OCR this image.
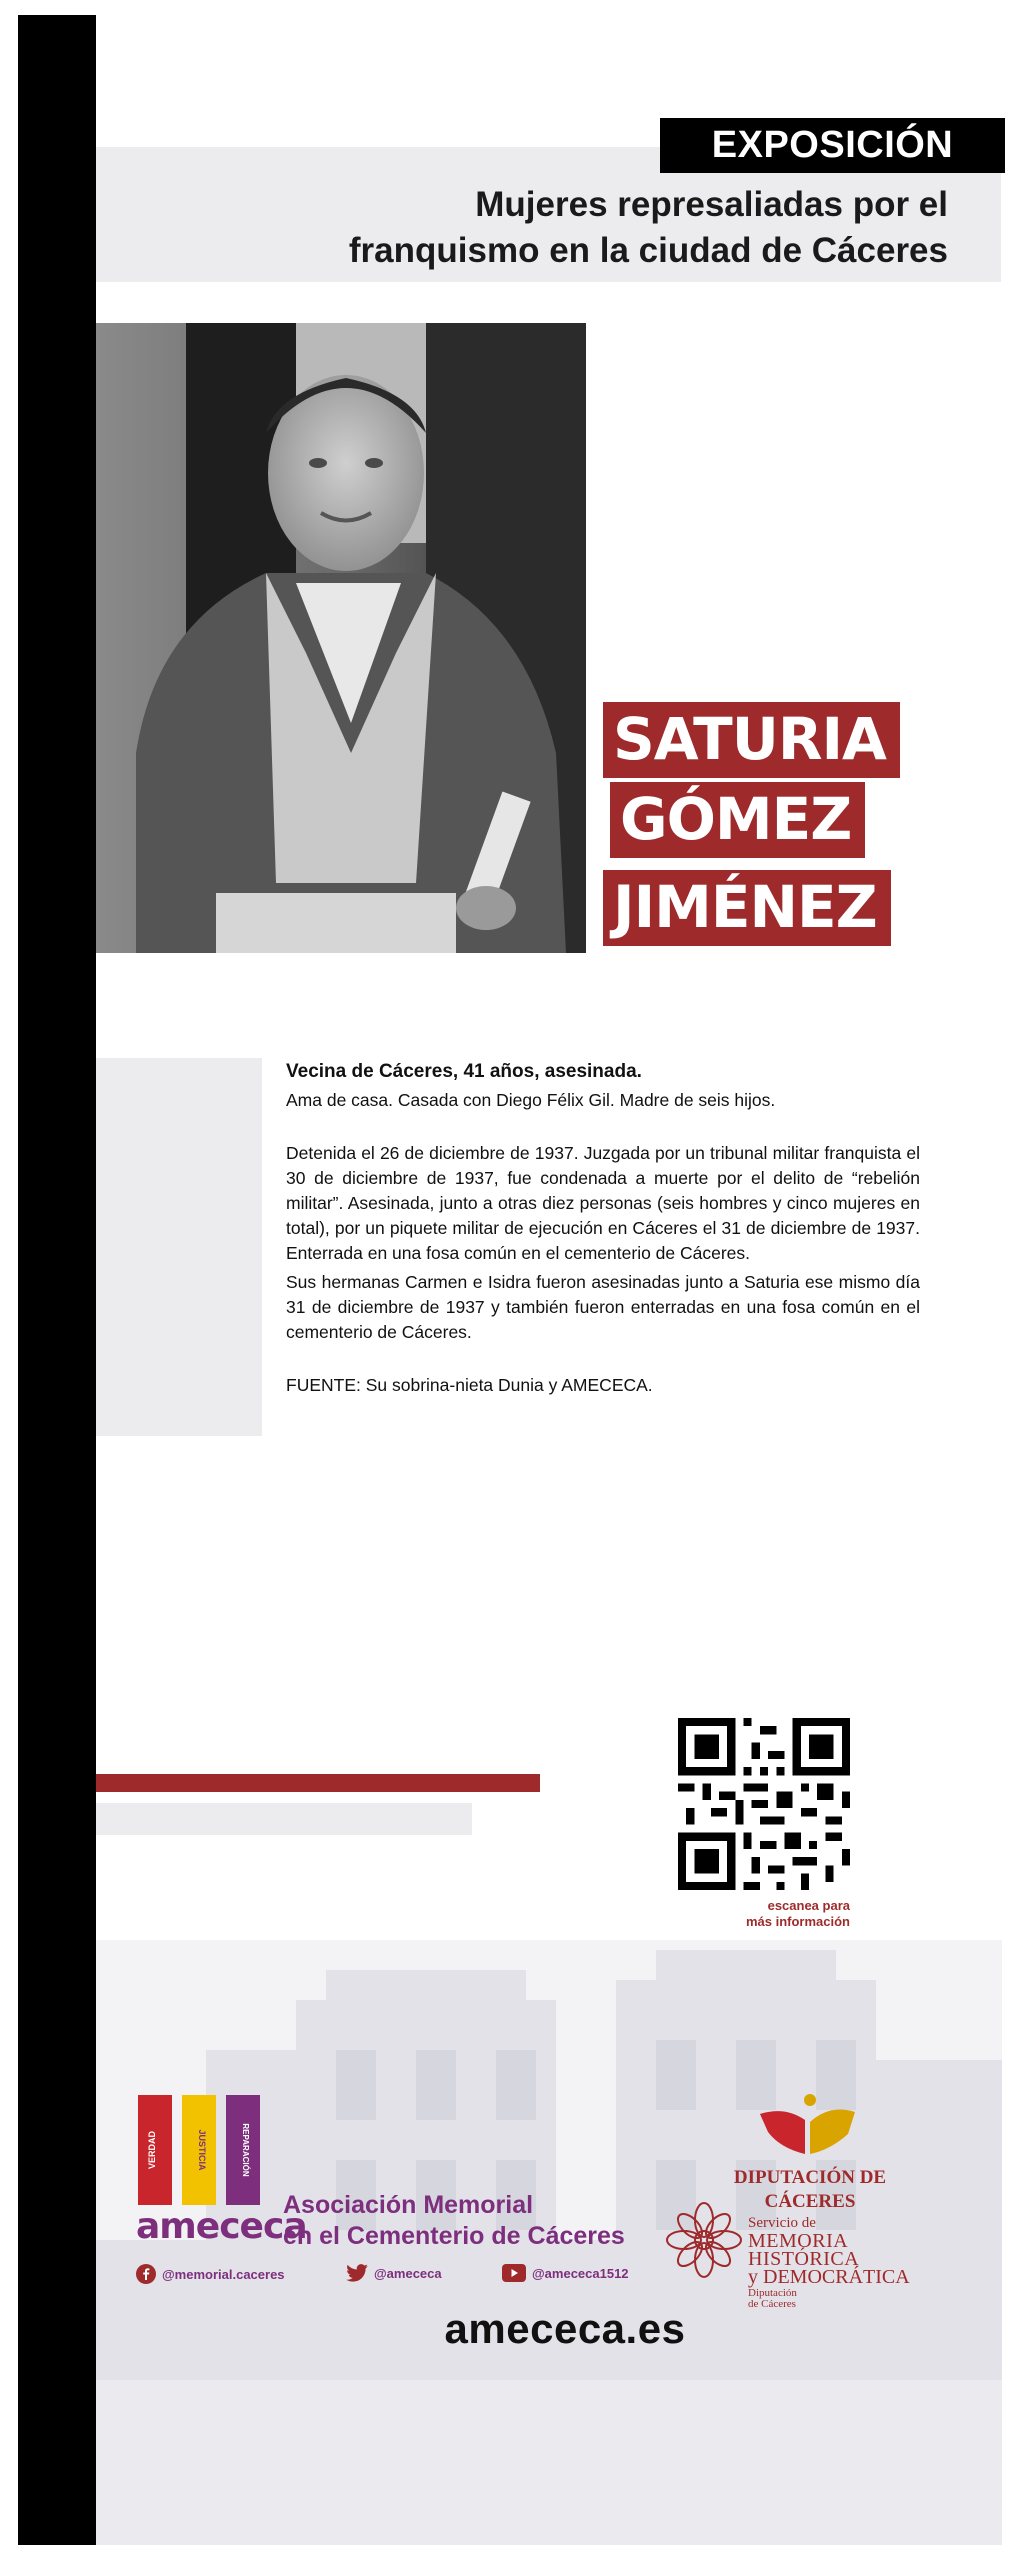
EXPOSICIÓN
Mujeres represaliadas por el
franquismo en la ciudad de Cáceres
SATURIA
GÓMEZ
JIMÉNEZ

Vecina de Cáceres, 41 años, asesinada.

Ama de casa. Casada con Diego Félix Gil. Madre de seis hijos.

Detenida el 26 de diciembre de 1937. Juzgada por un tribunal militar franquista el 30 de diciembre de 1937, fue condenada a muerte por el delito de “rebelión militar”. Asesinada, junto a otras diez personas (seis hombres y cinco mujeres en total), por un piquete militar de ejecución en Cáceres el 31 de diciembre de 1937. Enterrada en una fosa común en el cementerio de Cáceres.

Sus hermanas Carmen e Isidra fueron asesinadas junto a Saturia ese mismo día 31 de diciembre de 1937 y también fueron enterradas en una fosa común en el cementerio de Cáceres.

FUENTE: Su sobrina-nieta Dunia y AMECECA.

escanea para
más información
VERDAD	JUSTICIA	REPARACIÓN
amececa
Asociación Memorial
en el Cementerio de Cáceres
@memorial.caceres	@amececa	@amececa1512
DIPUTACIÓN DE CÁCERES
Servicio de
MEMORIA HISTÓRICA
y DEMOCRÁTICA Diputación
de Cáceres
amececa.es
